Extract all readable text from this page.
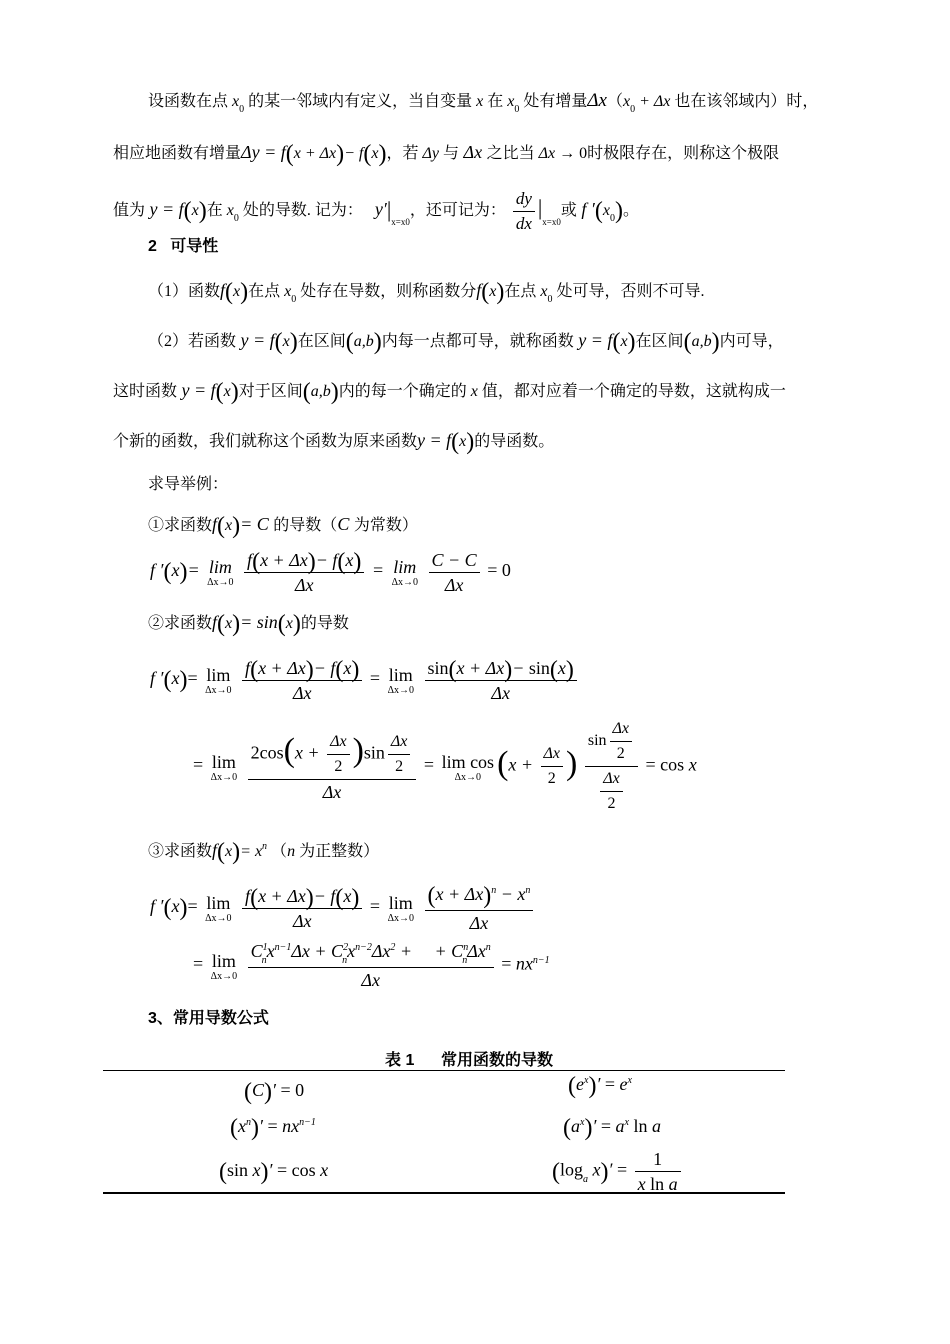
设函数在点 $x_0$ 的某一邻域内有定义，当自变量 x 在 $x_0$ 处有增量$\Delta x(x_0 + \Delta x$ 也在该邻域内）时，
相应地函数有增量Δy = f(x + Δx)− f(x)，若 Δy 与 Δx 之比当 Δx → 0时极限存在，则称这个极限
值为 y = f(x)在 $x_0$ 处的导数. 记为： $y'|_{x=x0}$，还可记为： $\frac{dy}{dx} |_{x=x0}$或 f $'(x_0)$。
2 可导性
（1）函数f(x)在点 $x_0$ 处存在导数，则称函数分f(x)在点 $x_0$ 处可导，否则不可导.
（2）若函数 y = f(x)在区间(a,b)内每一点都可导，就称函数 y = f(x)在区间(a,b)内可导，
这时函数 y = f(x)对于区间(a,b)内的每一个确定的 x 值，都对应着一个确定的导数，这就构成一
个新的函数，我们就称这个函数为原来函数y = f(x)的导函数。
求导举例：
①求函数f(x)= C 的导数（C 为常数）
f ′(x)= lim
Δx→0
$\frac{f(x + \Delta x)- f(x)}{\Delta x} = \lim$
Δx→0
$\frac{C - C}{\Delta x} = 0$
②求函数f(x)= sin(x)的导数
f ′(x)= lim
Δx→0
$\frac{f(x + \Delta x)- f(x)}{\Delta x} = \lim$
Δx→0
$\frac{\sin(x + \Delta x)- \sin(x)}{\Delta x}$
= lim
Δx→0
$\frac{2\cos(x + \frac{\Delta x}{2} )\sin \frac{\Delta x}{2}}{\Delta x} = \lim \cos$
Δx→0 ($x + \frac{\Delta x}{2}$ ) $\frac{\sin \frac{\Delta x}{2}}{\frac{\Delta x}{2}} = \cos x$
③求函数$f(x)= x^n$ （n 为正整数）
f ′(x)= lim
Δx→0
$\frac{f(x + \Delta x)- f(x)}{\Delta x} = \lim$
Δx→0
$\frac{(x + \Delta x)^n - x^n}{\Delta x}$
= lim
Δx→0
$\frac{C^1_nx^{n-1}\Delta x + C^2_nx^{n-2}\Delta x^2 + + C^n_n\Delta x^n}{\Delta x} = nx^{n-1}$
3、常用导数公式
表 1 常用函数的导数
(C)′ = 0	$(e^x)' = e^x$
$(x^n)' = nx^{n-1}$	$(a^x)' = a^x$ ln a
(sin x)′ = cos x	($\log_a$ $x)' = \frac{1}{\text{x ln a}}$
